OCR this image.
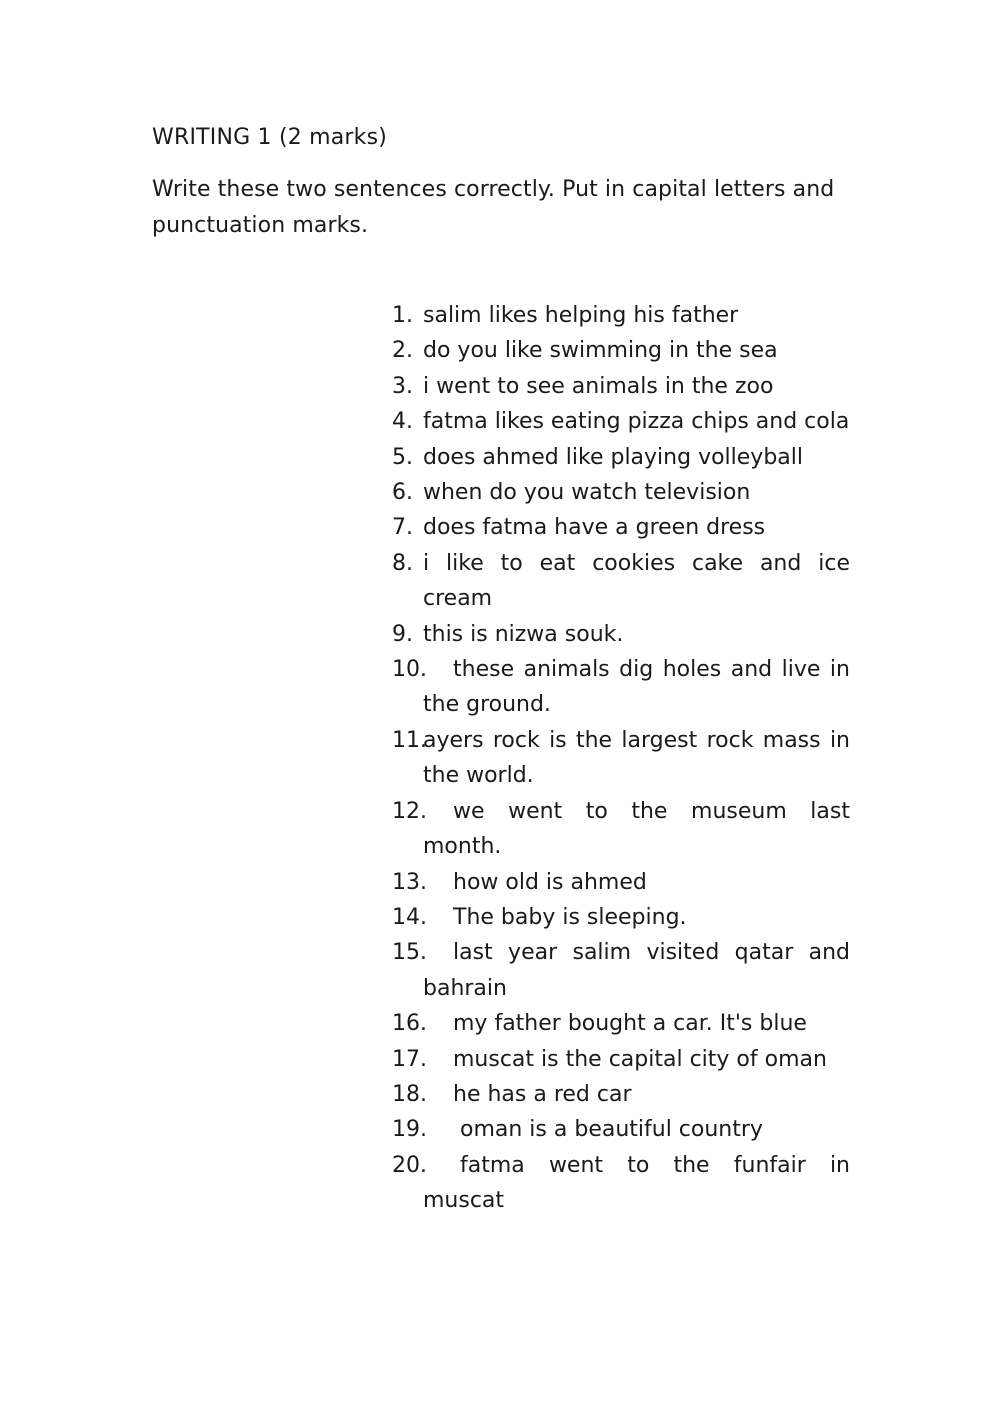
WRITING 1 (2 marks)
Write these two sentences correctly. Put in capital letters and punctuation marks.
1. salim likes helping his father
2. do you like swimming in the sea
3. i went to see animals in the zoo
4. fatma likes eating pizza chips and cola
5. does ahmed like playing volleyball
6. when do you watch television
7. does fatma have a green dress
8. i like to eat cookies cake and ice cream
9. this is nizwa souk.
10.	these animals dig holes and live in
the ground.
11.
ayers rock is the largest rock mass in
the world.
12. we went to the museum last month.
13. how old is ahmed
14. The baby is sleeping.
15.	last year salim visited qatar and
bahrain
16. my father bought a car. It's blue
17. muscat is the capital city of oman
18. he has a red car
19. oman is a beautiful country
20. fatma went to the funfair in muscat
